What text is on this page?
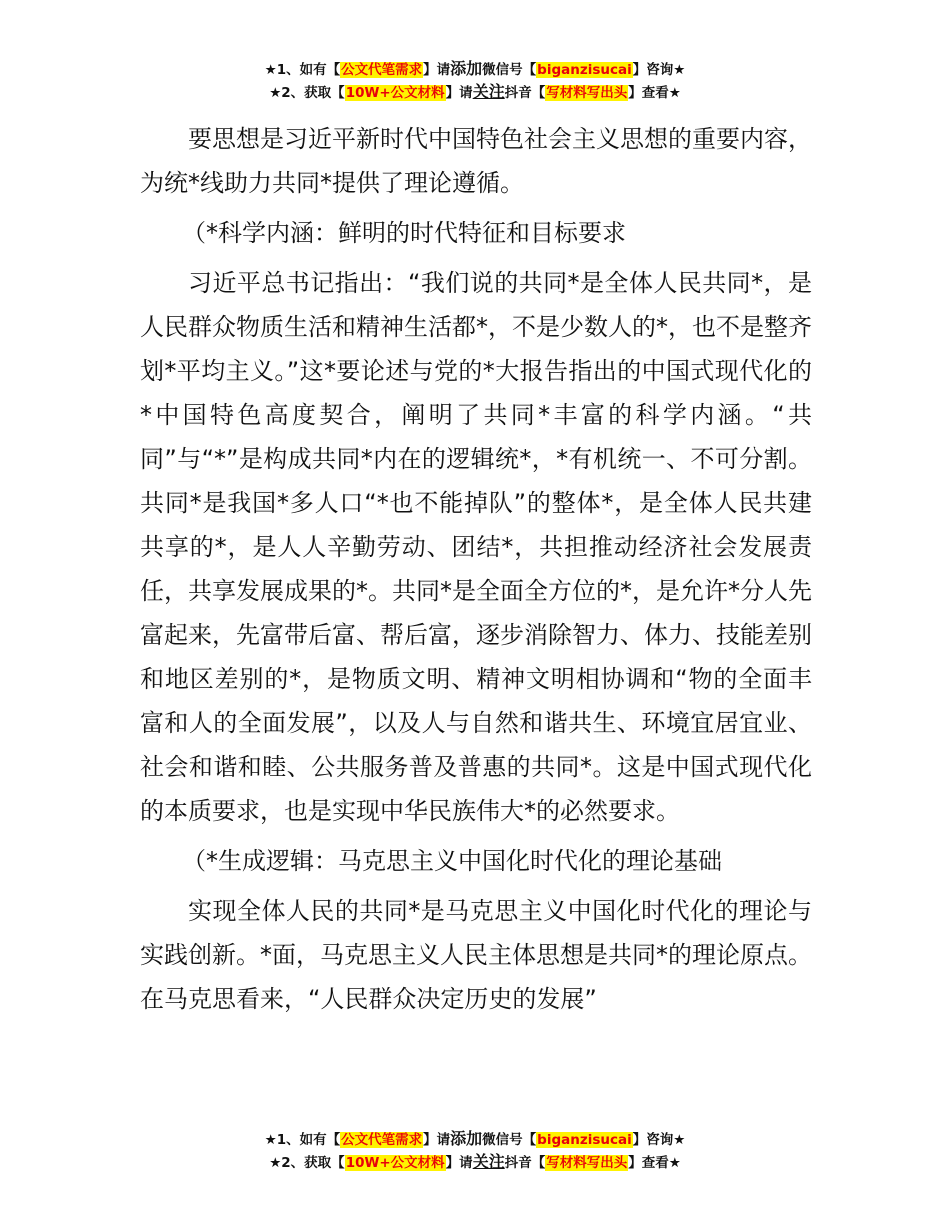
★1、如有【公文代笔需求】请添加微信号【biganzisucai】咨询★
★2、获取【10W+公文材料】请关注抖音【写材料写出头】查看★

要思想是习近平新时代中国特色社会主义思想的重要内容，为统*线助力共同*提供了理论遵循。

（*科学内涵：鲜明的时代特征和目标要求

习近平总书记指出：“我们说的共同*是全体人民共同*，是人民群众物质生活和精神生活都*，不是少数人的*，也不是整齐划*平均主义。”这*要论述与党的*大报告指出的中国式现代化的*中国特色高度契合，阐明了共同*丰富的科学内涵。“共同”与“*”是构成共同*内在的逻辑统*，*有机统一、不可分割。共同*是我国*多人口“*也不能掉队”的整体*，是全体人民共建共享的*，是人人辛勤劳动、团结*，共担推动经济社会发展责任，共享发展成果的*。共同*是全面全方位的*，是允许*分人先富起来，先富带后富、帮后富，逐步消除智力、体力、技能差别和地区差别的*，是物质文明、精神文明相协调和“物的全面丰富和人的全面发展”，以及人与自然和谐共生、环境宜居宜业、社会和谐和睦、公共服务普及普惠的共同*。这是中国式现代化的本质要求，也是实现中华民族伟大*的必然要求。

（*生成逻辑：马克思主义中国化时代化的理论基础

实现全体人民的共同*是马克思主义中国化时代化的理论与实践创新。*面，马克思主义人民主体思想是共同*的理论原点。在马克思看来，“人民群众决定历史的发展”

★1、如有【公文代笔需求】请添加微信号【biganzisucai】咨询★
★2、获取【10W+公文材料】请关注抖音【写材料写出头】查看★
